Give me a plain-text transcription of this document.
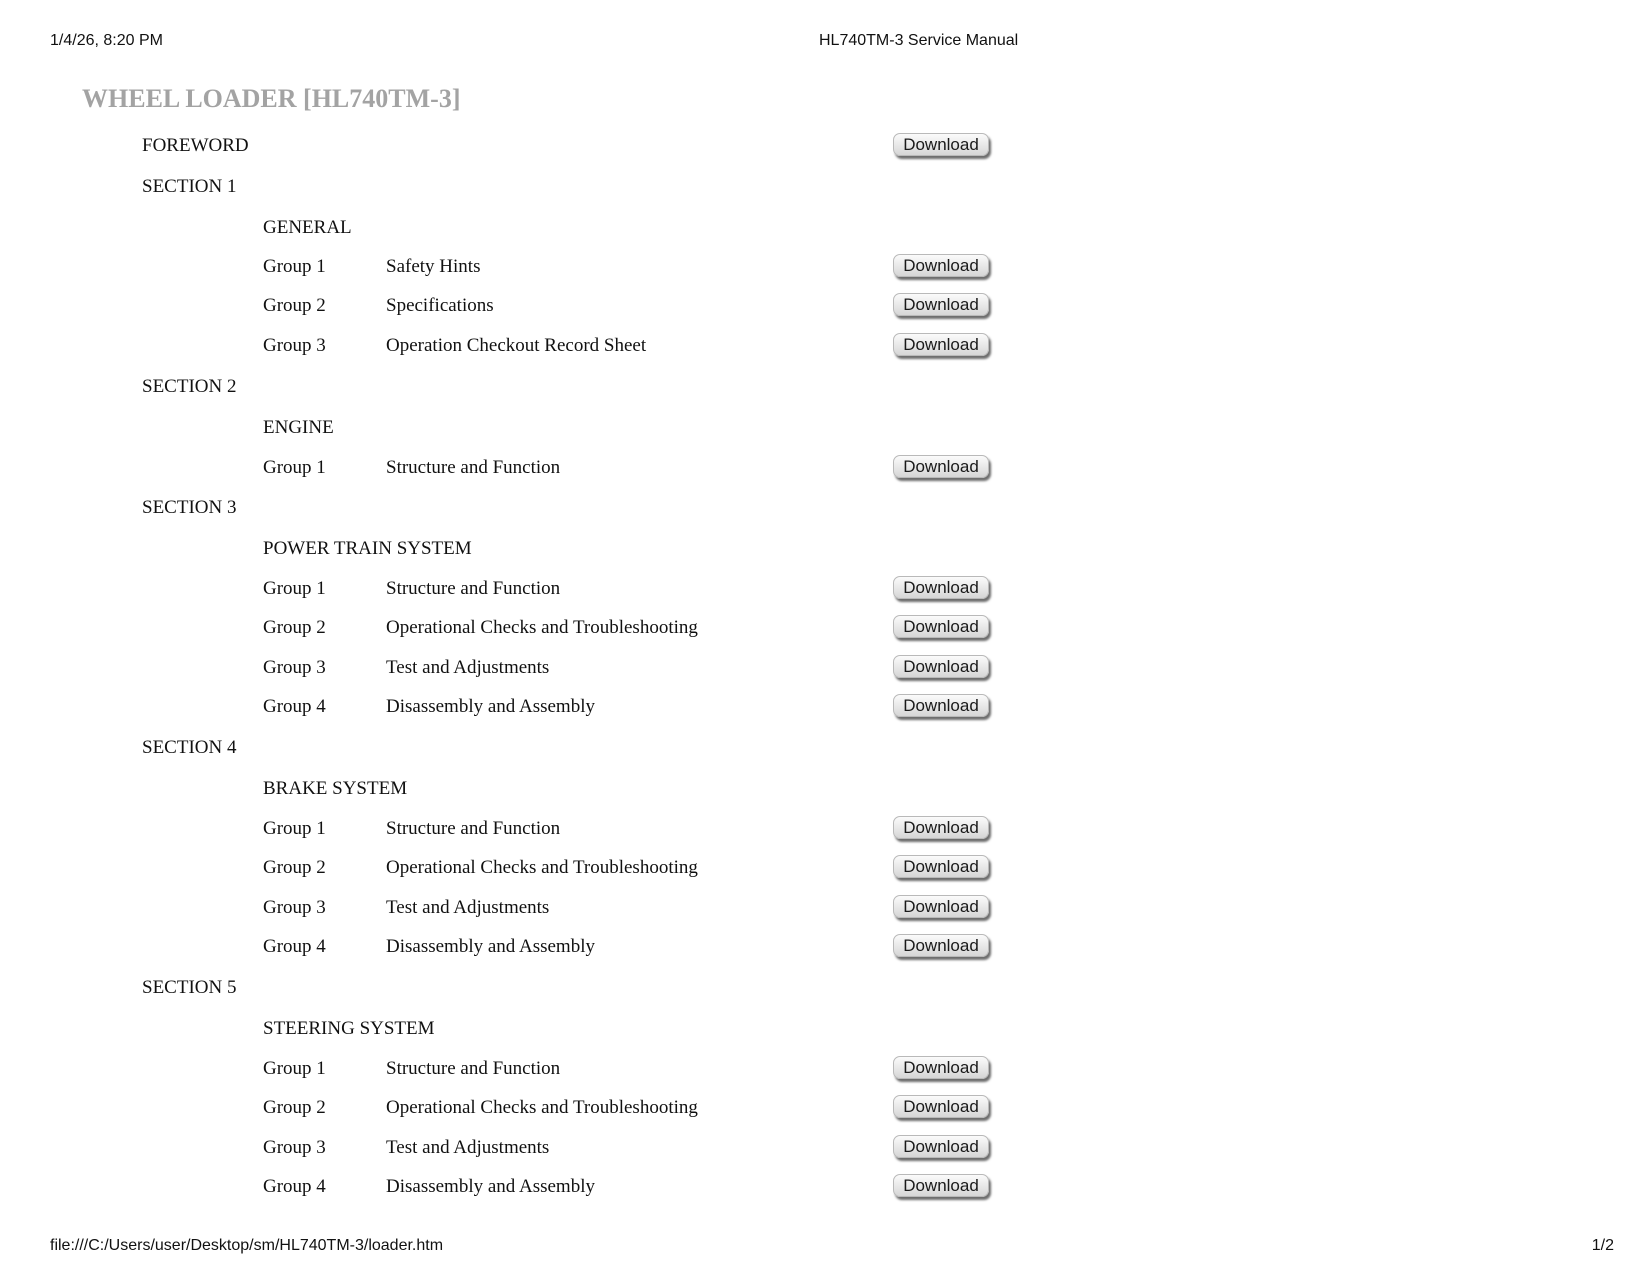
1/4/26, 8:20 PM	HL740TM-3 Service Manual
WHEEL LOADER [HL740TM-3]
FOREWORD	Download
SECTION 1
GENERAL
Group 1	Safety Hints	Download
Group 2	Specifications	Download
Group 3	Operation Checkout Record Sheet	Download
SECTION 2
ENGINE
Group 1	Structure and Function	Download
SECTION 3
POWER TRAIN SYSTEM
Group 1	Structure and Function	Download
Group 2	Operational Checks and Troubleshooting	Download
Group 3	Test and Adjustments	Download
Group 4	Disassembly and Assembly	Download
SECTION 4
BRAKE SYSTEM
Group 1	Structure and Function	Download
Group 2	Operational Checks and Troubleshooting	Download
Group 3	Test and Adjustments	Download
Group 4	Disassembly and Assembly	Download
SECTION 5
STEERING SYSTEM
Group 1	Structure and Function	Download
Group 2	Operational Checks and Troubleshooting	Download
Group 3	Test and Adjustments	Download
Group 4	Disassembly and Assembly	Download
file:///C:/Users/user/Desktop/sm/HL740TM-3/loader.htm	1/2
